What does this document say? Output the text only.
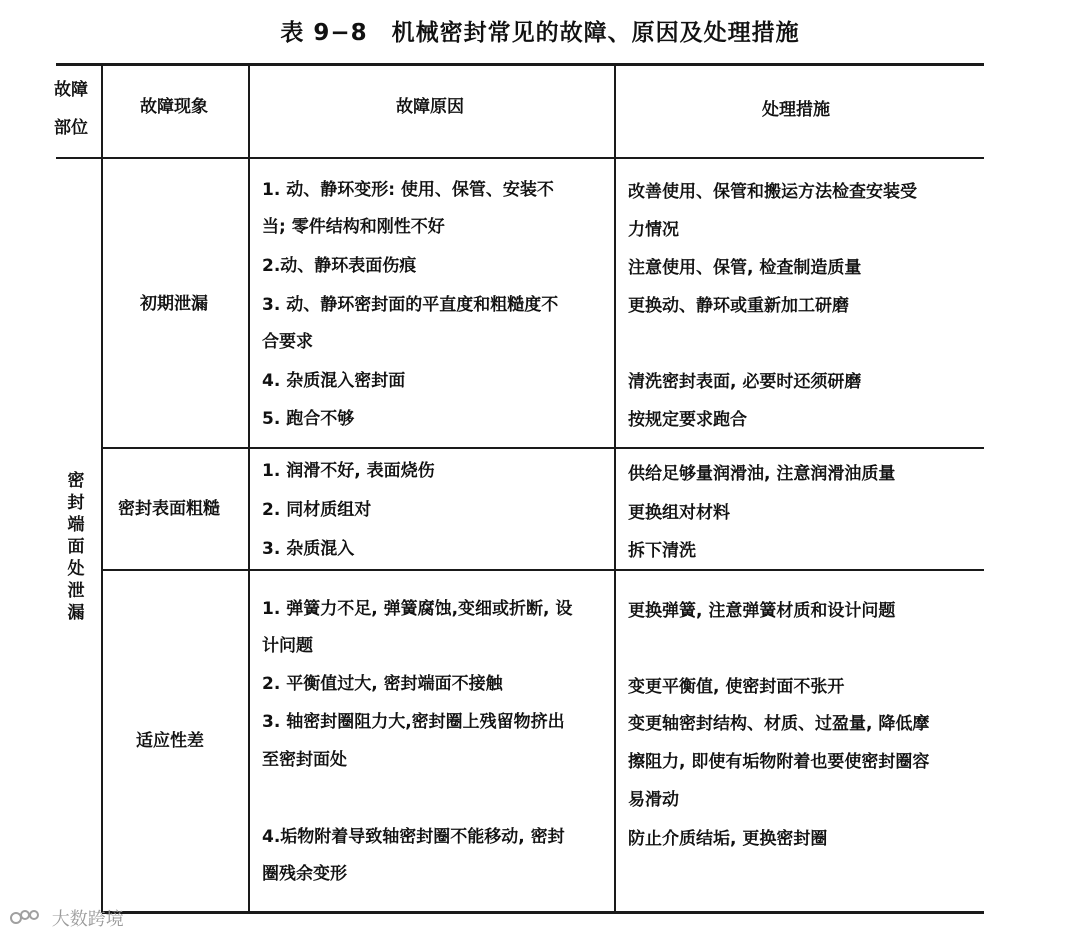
表 9−8　机械密封常见的故障、原因及处理措施
故障
部位
故障现象	故障原因	处理措施
密封端面处泄漏
初期泄漏
1. 动、静环变形: 使用、保管、安装不
当; 零件结构和刚性不好
2.动、静环表面伤痕
3. 动、静环密封面的平直度和粗糙度不
合要求
4. 杂质混入密封面
5. 跑合不够
改善使用、保管和搬运方法检查安装受
力情况
注意使用、保管, 检查制造质量
更换动、静环或重新加工研磨
清洗密封表面, 必要时还须研磨
按规定要求跑合
密封表面粗糙
1. 润滑不好, 表面烧伤
2. 同材质组对
3. 杂质混入
供给足够量润滑油, 注意润滑油质量
更换组对材料
拆下清洗
适应性差
1. 弹簧力不足, 弹簧腐蚀,变细或折断, 设
计问题
2. 平衡值过大, 密封端面不接触
3. 轴密封圈阻力大,密封圈上残留物挤出
至密封面处
4.垢物附着导致轴密封圈不能移动, 密封
圈残余变形
更换弹簧, 注意弹簧材质和设计问题
变更平衡值, 使密封面不张开
变更轴密封结构、材质、过盈量, 降低摩
擦阻力, 即使有垢物附着也要使密封圈容
易滑动
防止介质结垢, 更换密封圈
大数跨境
